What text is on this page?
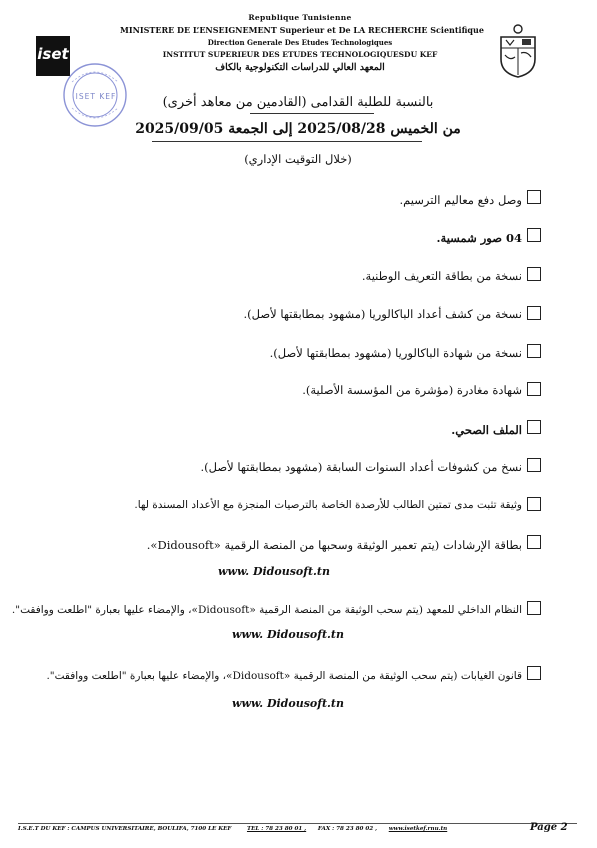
iset
Republique Tunisienne
MINISTERE DE L’ENSEIGNEMENT Superieur et De LA RECHERCHE Scientifique
Direction Generale Des Etudes Technologiques
INSTITUT SUPERIEUR DES ETUDES TECHNOLOGIQUESDU KEF
المعهد العالي للدراسات التكنولوجية بالكاف
ISET KEF	بالنسبة للطلبة القدامى (القادمين من معاهد أخرى)
من الخميس 2025/08/28 إلى الجمعة 2025/09/05
(خلال التوقيت الإداري)
وصل دفع معاليم الترسيم.
04 صور شمسية.
نسخة من بطاقة التعريف الوطنية.
نسخة من كشف أعداد الباكالوريا (مشهود بمطابقتها لأصل).
نسخة من شهادة الباكالوريا (مشهود بمطابقتها لأصل).
شهادة مغادرة (مؤشرة من المؤسسة الأصلية).
الملف الصحي.
نسخ من كشوفات أعداد السنوات السابقة (مشهود بمطابقتها لأصل).
وثيقة تثبت مدى تمتين الطالب للأرصدة الخاصة بالترصيات المنجزة مع الأعداد المسندة لها.
بطاقة الإرشادات (يتم تعمير الوثيقة وسحبها من المنصة الرقمية «Didousoft».
www. Didousoft.tn
النظام الداخلي للمعهد (يتم سحب الوثيقة من المنصة الرقمية «Didousoft»، والإمضاء عليها بعبارة "اطلعت ووافقت".
www. Didousoft.tn
قانون الغيابات (يتم سحب الوثيقة من المنصة الرقمية «Didousoft»، والإمضاء عليها بعبارة "اطلعت ووافقت".
www. Didousoft.tn
I.S.E.T DU KEF : CAMPUS UNIVERSITAIRE, BOULIFA, 7100 LE KEF	TEL : 78 23 80 01 , FAX : 78 23 80 02 , www.isetkef.rnu.tn	Page 2
